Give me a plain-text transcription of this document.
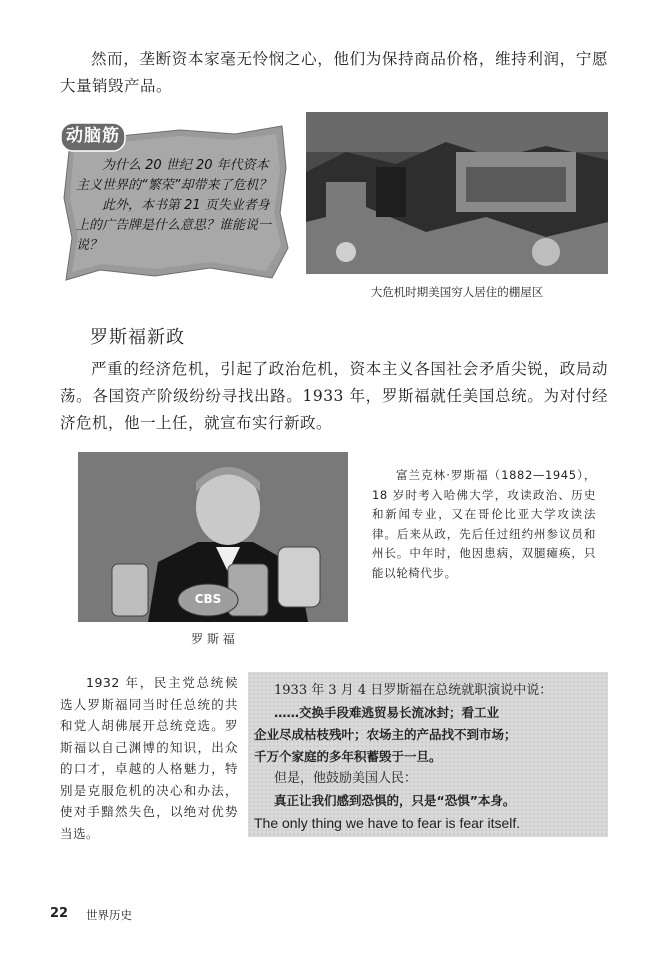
然而，垄断资本家毫无怜悯之心，他们为保持商品价格，维持利润，宁愿大量销毁产品。
动脑筋
为什么 20 世纪 20 年代资本主义世界的“繁荣”却带来了危机？
此外，本书第 21 页失业者身上的广告牌是什么意思？谁能说一说？
大危机时期美国穷人居住的棚屋区
罗斯福新政
严重的经济危机，引起了政治危机，资本主义各国社会矛盾尖锐，政局动荡。各国资产阶级纷纷寻找出路。1933 年，罗斯福就任美国总统。为对付经济危机，他一上任，就宣布实行新政。
CBS
罗 斯 福
富兰克林·罗斯福（1882—1945），18 岁时考入哈佛大学，攻读政治、历史和新闻专业，又在哥伦比亚大学攻读法律。后来从政，先后任过纽约州参议员和州长。中年时，他因患病，双腿瘫痪，只能以轮椅代步。
1932 年，民主党总统候选人罗斯福同当时任总统的共和党人胡佛展开总统竞选。罗斯福以自己渊博的知识，出众的口才，卓越的人格魅力，特别是克服危机的决心和办法，使对手黯然失色，以绝对优势当选。
1933 年 3 月 4 日罗斯福在总统就职演说中说：
……交换手段难逃贸易长流冰封；看工业
企业尽成枯枝残叶；农场主的产品找不到市场；
千万个家庭的多年积蓄毁于一旦。
但是，他鼓励美国人民：
真正让我们感到恐惧的，只是“恐惧”本身。
The only thing we have to fear is fear itself.
22 世界历史
